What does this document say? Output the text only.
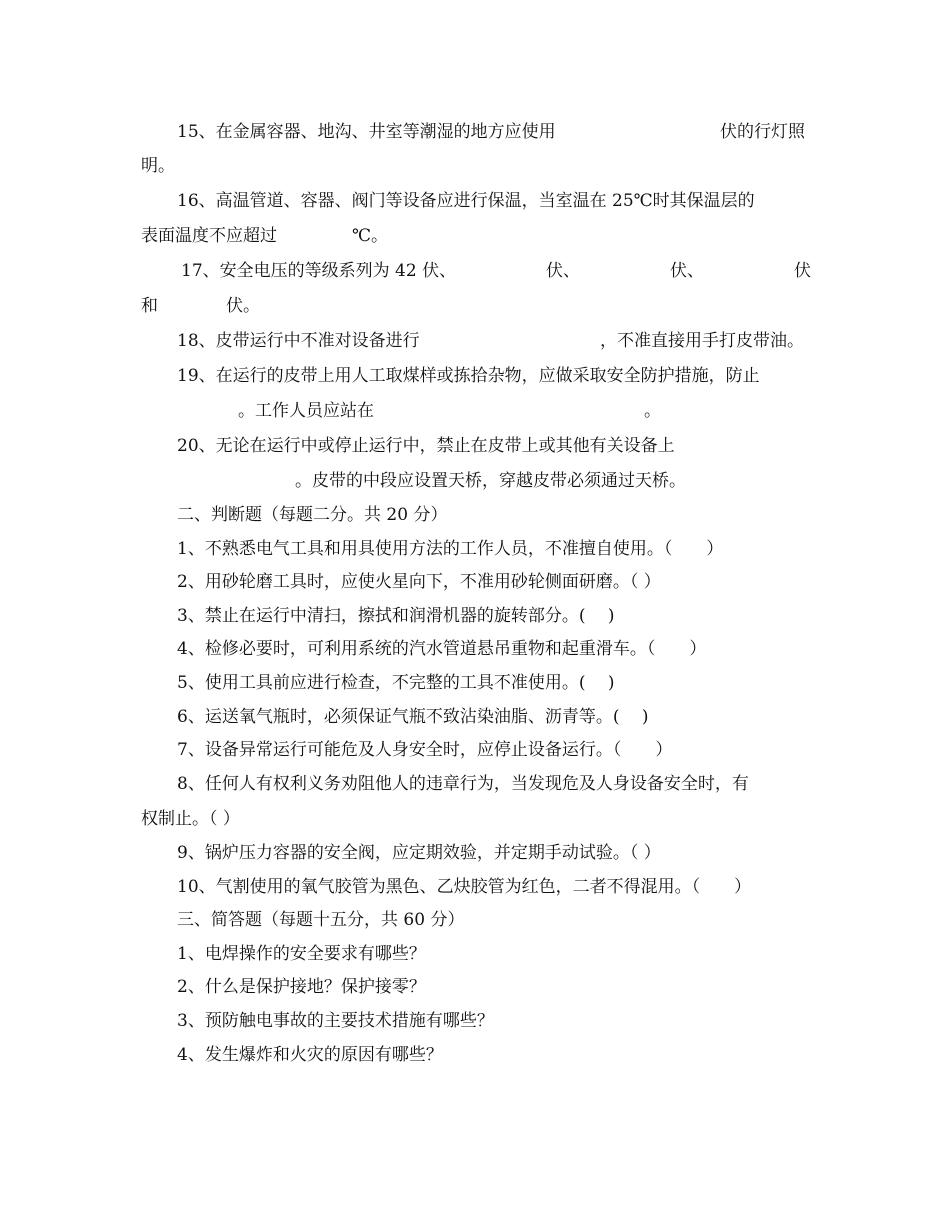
15、在金属容器、地沟、井室等潮湿的地方应使用	伏的行灯照
明。
16、高温管道、容器、阀门等设备应进行保温，当室温在 25℃时其保温层的
表面温度不应超过	℃。
17、安全电压的等级系列为 42 伏、	伏、	伏、	伏
和	伏。
18、皮带运行中不准对设备进行	，不准直接用手打皮带油。
19、在运行的皮带上用人工取煤样或拣拾杂物，应做采取安全防护措施，防止
。工作人员应站在	。
20、无论在运行中或停止运行中，禁止在皮带上或其他有关设备上
。皮带的中段应设置天桥，穿越皮带必须通过天桥。
二、判断题（每题二分。共 20 分）
1、不熟悉电气工具和用具使用方法的工作人员，不准擅自使用。（　　）
2、用砂轮磨工具时，应使火星向下，不准用砂轮侧面研磨。（ ）
3、禁止在运行中清扫，擦拭和润滑机器的旋转部分。(　 )
4、检修必要时，可利用系统的汽水管道悬吊重物和起重滑车。（　　）
5、使用工具前应进行检查，不完整的工具不准使用。(　 )
6、运送氧气瓶时，必须保证气瓶不致沾染油脂、沥青等。(　 )
7、设备异常运行可能危及人身安全时，应停止设备运行。（　　）
8、任何人有权利义务劝阻他人的违章行为，当发现危及人身设备安全时，有
权制止。（ ）
9、锅炉压力容器的安全阀，应定期效验，并定期手动试验。（ ）
10、气割使用的氧气胶管为黑色、乙炔胶管为红色，二者不得混用。（　　）
三、简答题（每题十五分，共 60 分）
1、电焊操作的安全要求有哪些？
2、什么是保护接地？保护接零？
3、预防触电事故的主要技术措施有哪些？
4、发生爆炸和火灾的原因有哪些？
